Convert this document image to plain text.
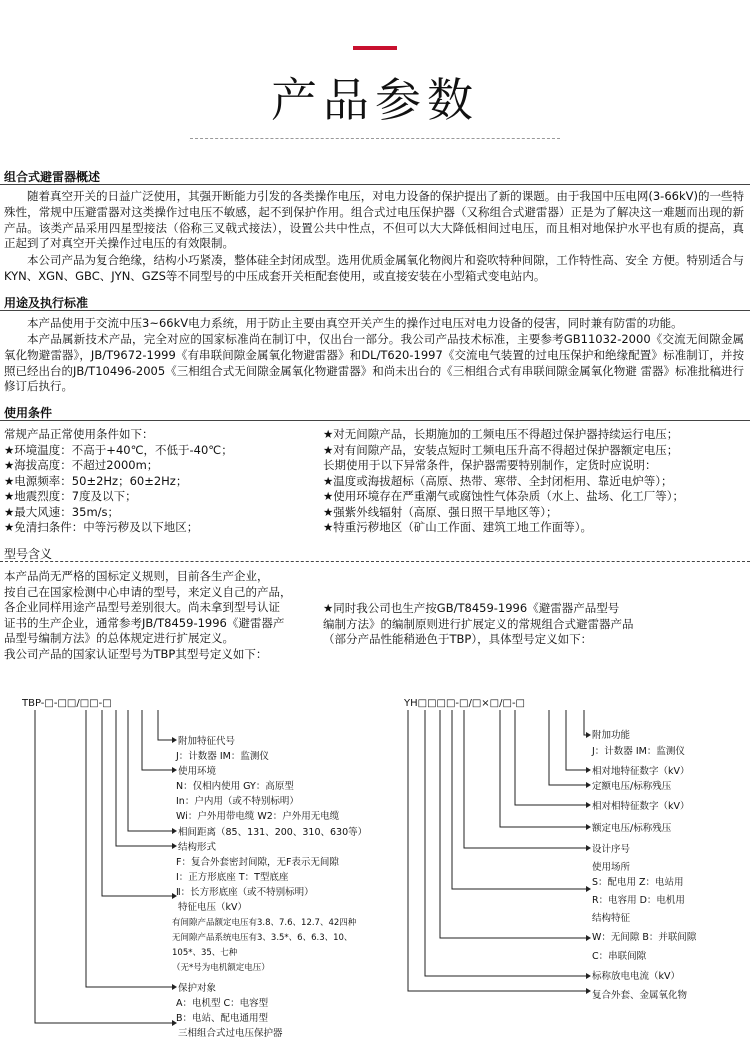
产品参数
组合式避雷器概述
随着真空开关的日益广泛使用，其强开断能力引发的各类操作电压，对电力设备的保护提出了新的课题。由于我国中压电网(3-66kV)的一些特殊性，常规中压避雷器对这类操作过电压不敏感，起不到保护作用。组合式过电压保护器（又称组合式避雷器）正是为了解决这一难题而出现的新产品。该类产品采用四星型接法（俗称三叉戟式接法），设置公共中性点，不但可以大大降低相间过电压，而且相对地保护水平也有质的提高，真正起到了对真空开关操作过电压的有效限制。
本公司产品为复合绝缘，结构小巧紧凑，整体硅全封闭成型。选用优质金属氧化物阀片和瓷吹特种间隙，工作特性高、安全 方便。特别适合与KYN、XGN、GBC、JYN、GZS等不同型号的中压成套开关柜配套使用，或直接安装在小型箱式变电站内。
用途及执行标准
本产品使用于交流中压3~66kV电力系统，用于防止主要由真空开关产生的操作过电压对电力设备的侵害，同时兼有防雷的功能。
本产品属新技术产品，完全对应的国家标准尚在制订中，仅出台一部分。我公司产品技术标准，主要参考GB11032-2000《交流无间隙金属氧化物避雷器》，JB/T9672-1999《有串联间隙金属氧化物避雷器》和DL/T620-1997《交流电气装置的过电压保护和绝缘配置》标准制订，并按照已经出台的JB/T10496-2005《三相组合式无间隙金属氧化物避雷器》和尚未出台的《三相组合式有串联间隙金属氧化物避 雷器》标准批稿进行修订后执行。
使用条件
常规产品正常使用条件如下：
★环境温度：不高于+40℃，不低于-40℃；
★海拔高度：不超过2000m；
★电源频率：50±2Hz；60±2Hz；
★地震烈度：7度及以下；
★最大风速：35m/s；
★免清扫条件：中等污秽及以下地区；
★对无间隙产品，长期施加的工频电压不得超过保护器持续运行电压；
★对有间隙产品，安装点短时工频电压升高不得超过保护器额定电压；
长期使用于以下异常条件，保护器需要特别制作，定货时应说明：
★温度或海拔超标（高原、热带、寒带、全封闭柜用、靠近电炉等）；
★使用环境存在严重潮气或腐蚀性气体杂质（水上、盐场、化工厂等）；
★强紫外线辐射（高原、强日照干旱地区等）；
★特重污秽地区（矿山工作面、建筑工地工作面等）。
型号含义
本产品尚无严格的国标定义规则，目前各生产企业，
按自己在国家检测中心申请的型号，来定义自己的产品，
各企业同样用途产品型号差别很大。尚未拿到型号认证
证书的生产企业，通常参考JB/T8459-1996《避雷器产
品型号编制方法》的总体规定进行扩展定义。
我公司产品的国家认证型号为TBP其型号定义如下：
★同时我公司也生产按GB/T8459-1996《避雷器产品型号
编制方法》的编制原则进行扩展定义的常规组合式避雷器产品
（部分产品性能稍逊色于TBP），具体型号定义如下：
TBP-□-□□/□□-□
附加特征代号
J：计数器 IM：监测仪
使用环境
N：仅相内使用 GY：高原型
In：户内用（或不特别标明）
Wi：户外用带电缆 W2：户外用无电缆
相间距离（85、131、200、310、630等）
结构形式
F：复合外套密封间隙，无F表示无间隙
Ⅰ：正方形底座 T：T型底座
Ⅱ：长方形底座（或不特别标明）
特征电压（kV）
有间隙产品额定电压有3.8、7.6、12.7、42四种
无间隙产品系统电压有3、3.5*、6、6.3、10、
105*、35、七种
（无*号为电机额定电压）
保护对象
A：电机型 C：电容型
B：电站、配电通用型
三相组合式过电压保护器
YH□□□□-□/□×□/□-□
附加功能
J：计数器 IM：监测仪
相对地特征数字（kV）
定额电压/标称残压
相对相特征数字（kV）
额定电压/标称残压
设计序号
使用场所
S：配电用 Z：电站用
R：电容用 D：电机用
结构特征
W：无间隙 B：并联间隙
C：串联间隙
标称放电电流（kV）
复合外套、金属氧化物
